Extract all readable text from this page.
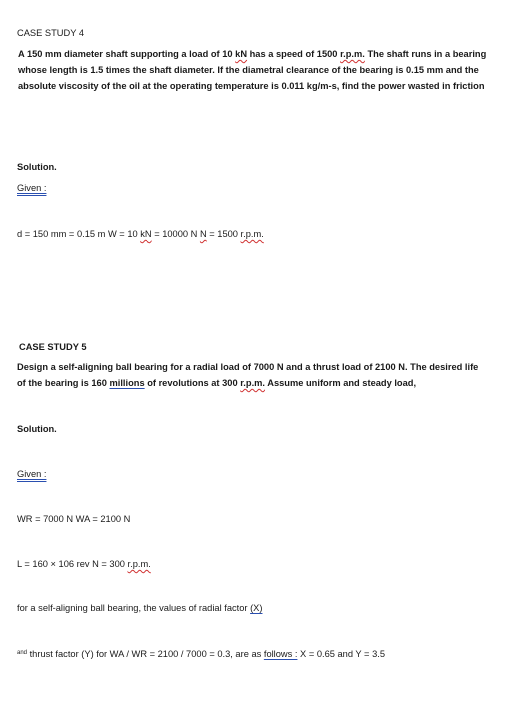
CASE STUDY 4
A 150 mm diameter shaft supporting a load of 10 kN has a speed of 1500 r.p.m. The shaft runs in a bearing whose length is 1.5 times the shaft diameter. If the diametral clearance of the bearing is 0.15 mm and the absolute viscosity of the oil at the operating temperature is 0.011 kg/m-s, find the power wasted in friction
Solution.
Given :
d = 150 mm = 0.15 m W = 10 kN = 10000 N N = 1500 r.p.m.
CASE STUDY 5
Design a self-aligning ball bearing for a radial load of 7000 N and a thrust load of 2100 N. The desired life of the bearing is 160 millions of revolutions at 300 r.p.m. Assume uniform and steady load,
Solution.
Given :
WR = 7000 N WA = 2100 N
L = 160 × 106 rev N = 300 r.p.m.
for a self-aligning ball bearing, the values of radial factor (X)
$^{and}$ thrust factor (Y) for WA / WR = 2100 / 7000 = 0.3, are as follows : X = 0.65 and Y = 3.5
